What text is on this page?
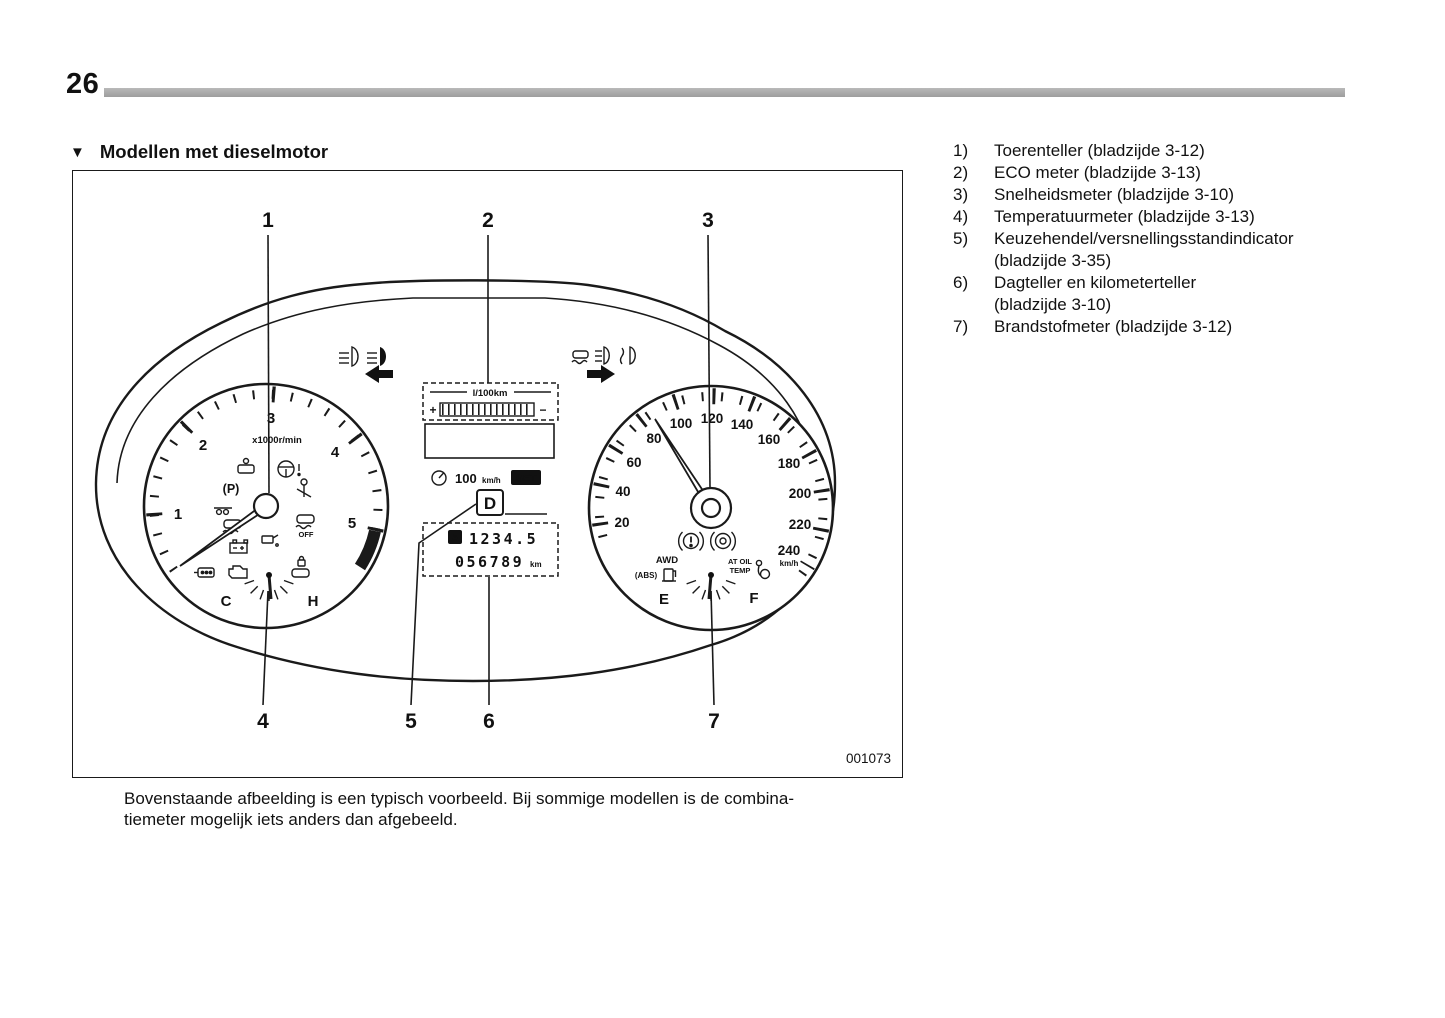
26
▼ Modellen met dieselmotor
1
2
3
4
5
x1000r/min
(P)
OFF
C	H
20
40
60
80
100 120 140
160
180
200
220
240
km/h
AWD
(ABS)
AT OIL
TEMP
E	F
l/100km
+	−
100 km/h SET
D
A 1234.5
056789 km
1	2	3
4	5	6	7
001073
Bovenstaande afbeelding is een typisch voorbeeld. Bij sommige modellen is de combina-
tiemeter mogelijk iets anders dan afgebeeld.
1)	Toerenteller (bladzijde 3-12)
2)	ECO meter (bladzijde 3-13)
3)	Snelheidsmeter (bladzijde 3-10)
4)	Temperatuurmeter (bladzijde 3-13)
5)	Keuzehendel/versnellingsstandindicator
(bladzijde 3-35)
6)	Dagteller en kilometerteller
(bladzijde 3-10)
7)	Brandstofmeter (bladzijde 3-12)
